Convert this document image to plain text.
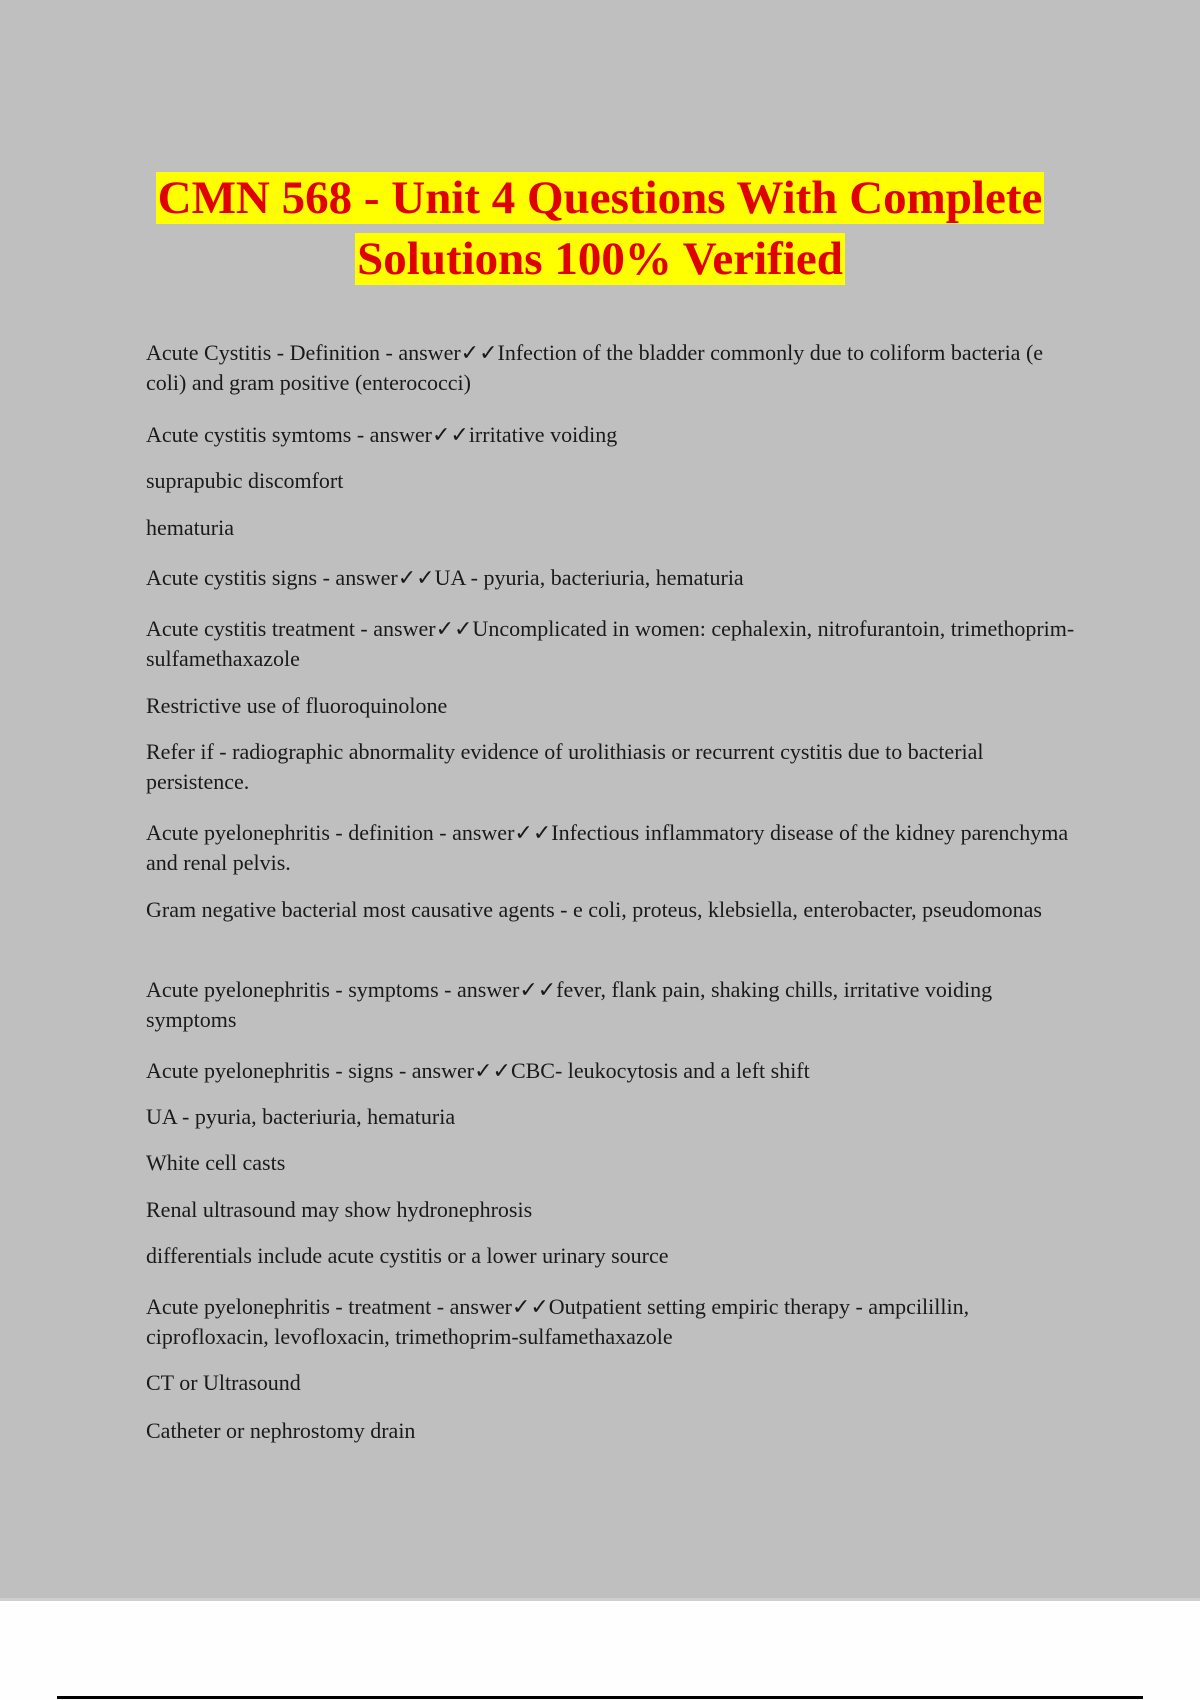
CMN 568 - Unit 4 Questions With Complete
Solutions 100% Verified
Acute Cystitis - Definition - answer✓✓Infection of the bladder commonly due to coliform bacteria (e coli) and gram positive (enterococci)
Acute cystitis symtoms - answer✓✓irritative voiding
suprapubic discomfort
hematuria
Acute cystitis signs - answer✓✓UA - pyuria, bacteriuria, hematuria
Acute cystitis treatment - answer✓✓Uncomplicated in women: cephalexin, nitrofurantoin, trimethoprim-sulfamethaxazole
Restrictive use of fluoroquinolone
Refer if - radiographic abnormality evidence of urolithiasis or recurrent cystitis due to bacterial persistence.
Acute pyelonephritis - definition - answer✓✓Infectious inflammatory disease of the kidney parenchyma and renal pelvis.
Gram negative bacterial most causative agents - e coli, proteus, klebsiella, enterobacter, pseudomonas
Acute pyelonephritis - symptoms - answer✓✓fever, flank pain, shaking chills, irritative voiding symptoms
Acute pyelonephritis - signs - answer✓✓CBC- leukocytosis and a left shift
UA - pyuria, bacteriuria, hematuria
White cell casts
Renal ultrasound may show hydronephrosis
differentials include acute cystitis or a lower urinary source
Acute pyelonephritis - treatment - answer✓✓Outpatient setting empiric therapy - ampcilillin, ciprofloxacin, levofloxacin, trimethoprim-sulfamethaxazole
CT or Ultrasound
Catheter or nephrostomy drain
